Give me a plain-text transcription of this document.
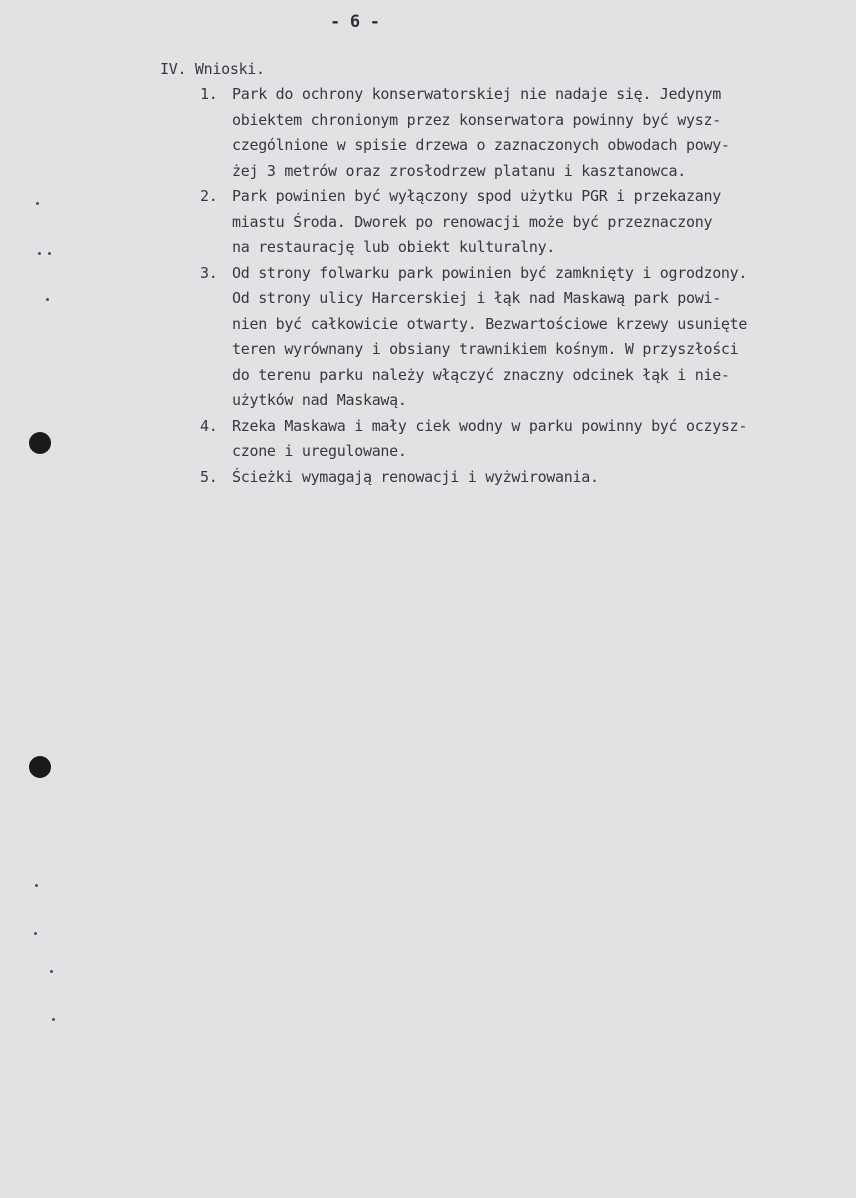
- 6 -
IV. Wnioski.
1. Park do ochrony konserwatorskiej nie nadaje się. Jedynym
obiektem chronionym przez konserwatora powinny być wysz-
czególnione w spisie drzewa o zaznaczonych obwodach powy-
żej 3 metrów oraz zrosłodrzew platanu i kasztanowca.
2. Park powinien być wyłączony spod użytku PGR i przekazany
miastu Środa. Dworek po renowacji może być przeznaczony
na restaurację lub obiekt kulturalny.
3. Od strony folwarku park powinien być zamknięty i ogrodzony.
Od strony ulicy Harcerskiej i łąk nad Maskawą park powi-
nien być całkowicie otwarty. Bezwartościowe krzewy usunięte
teren wyrównany i obsiany trawnikiem kośnym. W przyszłości
do terenu parku należy włączyć znaczny odcinek łąk i nie-
użytków nad Maskawą.
4. Rzeka Maskawa i mały ciek wodny w parku powinny być oczysz-
czone i uregulowane.
5. Ścieżki wymagają renowacji i wyżwirowania.
